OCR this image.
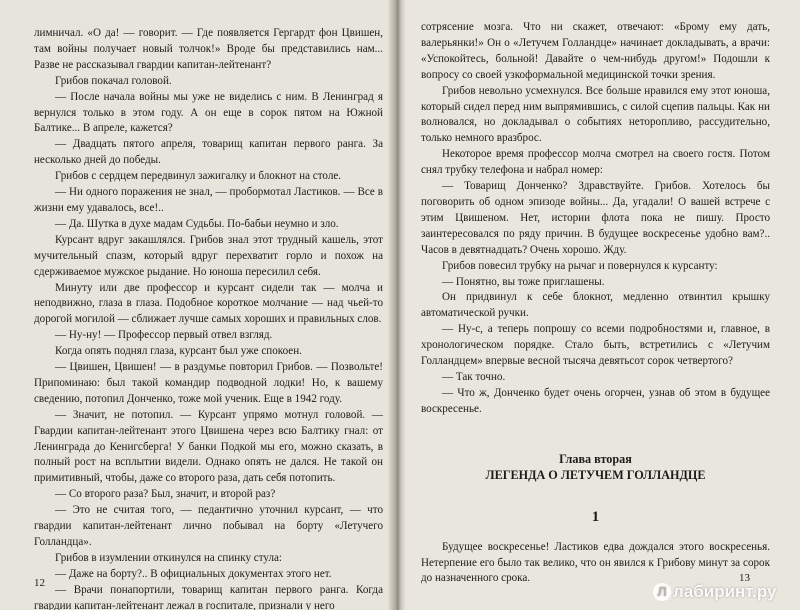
лимничал. «О да! — говорит. — Где появляется Гергардт фон Цвишен, там войны получает новый толчок!» Вроде бы представились нам... Разве не рассказывал гвардии капитан-лейтенант?

Грибов покачал головой.

— После начала войны мы уже не виделись с ним. В Ленинград я вернулся только в этом году. А он еще в сорок пятом на Южной Балтике... В апреле, кажется?

— Двадцать пятого апреля, товарищ капитан первого ранга. За несколько дней до победы.

Грибов с сердцем передвинул зажигалку и блокнот на столе.

— Ни одного поражения не знал, — пробормотал Ластиков. — Все в жизни ему удавалось, все!..

— Да. Шутка в духе мадам Судьбы. По-бабьи неумно и зло.

Курсант вдруг закашлялся. Грибов знал этот трудный кашель, этот мучительный спазм, который вдруг перехватит горло и похож на сдерживаемое мужское рыдание. Но юноша пересилил себя.

Минуту или две профессор и курсант сидели так — молча и неподвижно, глаза в глаза. Подобное короткое молчание — над чьей-то дорогой могилой — сближает лучше самых хороших и правильных слов.

— Ну-ну! — Профессор первый отвел взгляд.

Когда опять поднял глаза, курсант был уже спокоен.

— Цвишен, Цвишен! — в раздумье повторил Грибов. — Позвольте! Припоминаю: был такой командир подводной лодки! Но, к вашему сведению, потопил Донченко, тоже мой ученик. Еще в 1942 году.

— Значит, не потопил. — Курсант упрямо мотнул головой. — Гвардии капитан-лейтенант этого Цвишена через всю Балтику гнал: от Ленинграда до Кенигсберга! У банки Подкой мы его, можно сказать, в полный рост на всплытии видели. Однако опять не дался. Не такой он примитивный, чтобы, даже со второго раза, дать себя потопить.

— Со второго раза? Был, значит, и второй раз?

— Это не считая того, — педантично уточнил курсант, — что гвардии капитан-лейтенант лично побывал на борту «Летучего Голландца».

Грибов в изумлении откинулся на спинку стула:

— Даже на борту?.. В официальных документах этого нет.

— Врачи понапортили, товарищ капитан первого ранга. Когда гвардии капитан-лейтенант лежал в госпитале, признали у него

сотрясение мозга. Что ни скажет, отвечают: «Брому ему дать, валерьянки!» Он о «Летучем Голландце» начинает докладывать, а врачи: «Успокойтесь, больной! Давайте о чем-нибудь другом!» Подошли к вопросу со своей узкоформальной медицинской точки зрения.

Грибов невольно усмехнулся. Все больше нравился ему этот юноша, который сидел перед ним выпрямившись, с силой сцепив пальцы. Как ни волновался, но докладывал о событиях неторопливо, рассудительно, только немного вразброс.

Некоторое время профессор молча смотрел на своего гостя. Потом снял трубку телефона и набрал номер:

— Товарищ Донченко? Здравствуйте. Грибов. Хотелось бы поговорить об одном эпизоде войны... Да, угадали! О вашей встрече с этим Цвишеном. Нет, истории флота пока не пишу. Просто заинтересовался по ряду причин. В будущее воскресенье удобно вам?.. Часов в девятнадцать? Очень хорошо. Жду.

Грибов повесил трубку на рычаг и повернулся к курсанту:

— Понятно, вы тоже приглашены.

Он придвинул к себе блокнот, медленно отвинтил крышку автоматической ручки.

— Ну-с, а теперь попрошу со всеми подробностями и, главное, в хронологическом порядке. Стало быть, встретились с «Летучим Голландцем» впервые весной тысяча девятьсот сорок четвертого?

— Так точно.

— Что ж, Донченко будет очень огорчен, узнав об этом в будущее воскресенье.

Глава вторая

ЛЕГЕНДА О ЛЕТУЧЕМ ГОЛЛАНДЦЕ

1

Будущее воскресенье! Ластиков едва дождался этого воскресенья. Нетерпение его было так велико, что он явился к Грибову минут за сорок до назначенного срока.

12	13
Л лабиринт.ру
